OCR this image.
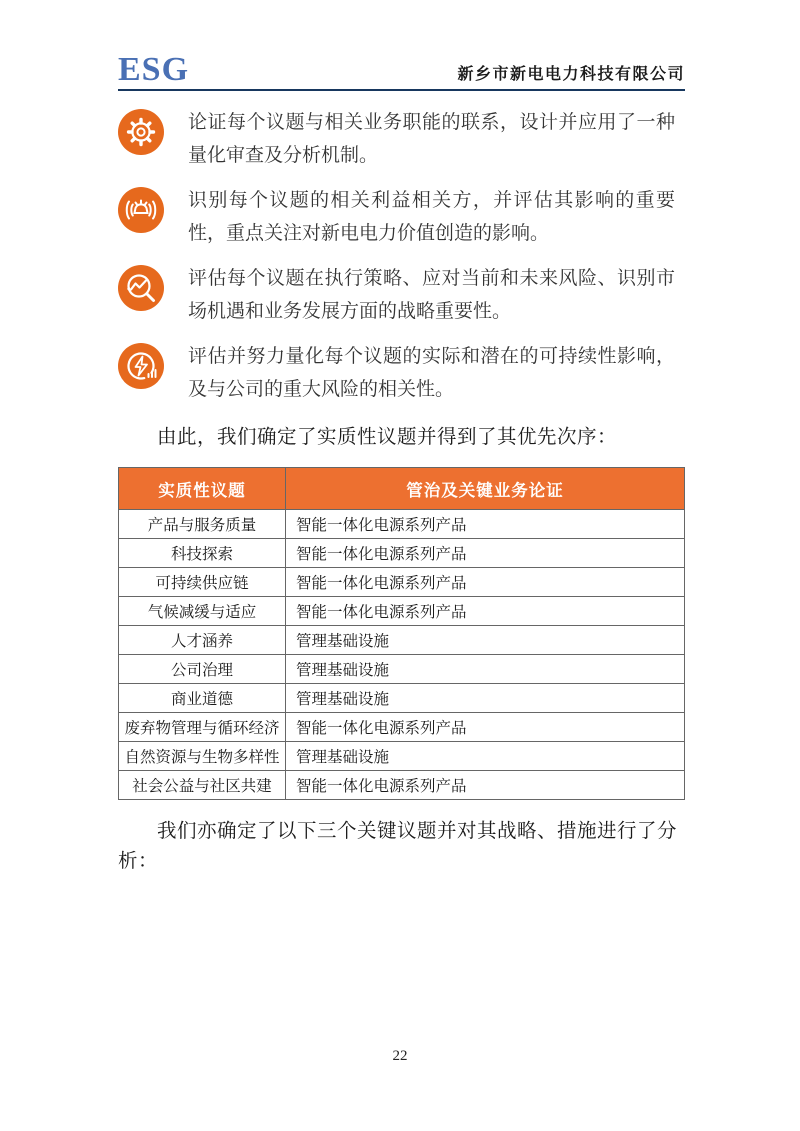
ESG	新乡市新电电力科技有限公司
论证每个议题与相关业务职能的联系，设计并应用了一种量化审查及分析机制。
识别每个议题的相关利益相关方，并评估其影响的重要性，重点关注对新电电力价值创造的影响。
评估每个议题在执行策略、应对当前和未来风险、识别市场机遇和业务发展方面的战略重要性。
评估并努力量化每个议题的实际和潜在的可持续性影响，及与公司的重大风险的相关性。

由此，我们确定了实质性议题并得到了其优先次序：

实质性议题	管治及关键业务论证
产品与服务质量	智能一体化电源系列产品
科技探索	智能一体化电源系列产品
可持续供应链	智能一体化电源系列产品
气候减缓与适应	智能一体化电源系列产品
人才涵养	管理基础设施
公司治理	管理基础设施
商业道德	管理基础设施
废弃物管理与循环经济	智能一体化电源系列产品
自然资源与生物多样性	管理基础设施
社会公益与社区共建	智能一体化电源系列产品

我们亦确定了以下三个关键议题并对其战略、措施进行了分析：

22
